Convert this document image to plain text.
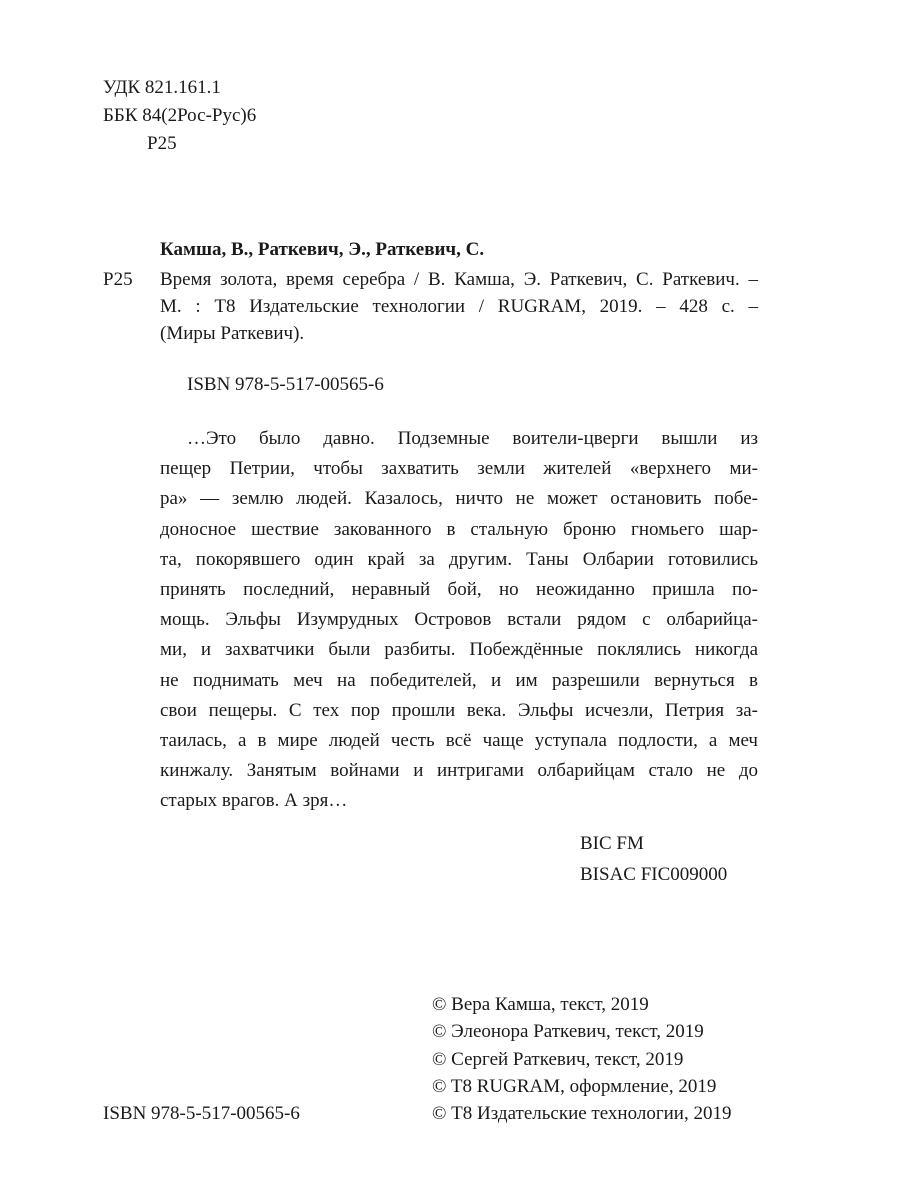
УДК 821.161.1
ББК 84(2Рос-Рус)6
Р25
Камша, В., Раткевич, Э., Раткевич, С.
Р25 Время золота, время серебра / В. Камша, Э. Раткевич, С. Раткевич. –
М. : Т8 Издательские технологии / RUGRAM, 2019. – 428 с. –
(Миры Раткевич).
ISBN 978-5-517-00565-6
…Это было давно. Подземные воители-цверги вышли из
пещер Петрии, чтобы захватить земли жителей «верхнего ми-
ра» — землю людей. Казалось, ничто не может остановить побе-
доносное шествие закованного в стальную броню гномьего шар-
та, покорявшего один край за другим. Таны Олбарии готовились
принять последний, неравный бой, но неожиданно пришла по-
мощь. Эльфы Изумрудных Островов встали рядом с олбарийца-
ми, и захватчики были разбиты. Побеждённые поклялись никогда
не поднимать меч на победителей, и им разрешили вернуться в
свои пещеры. С тех пор прошли века. Эльфы исчезли, Петрия за-
таилась, а в мире людей честь всё чаще уступала подлости, а меч
кинжалу. Занятым войнами и интригами олбарийцам стало не до
старых врагов. А зря…
BIC FM
BISAC FIC009000
© Вера Камша, текст, 2019
© Элеонора Раткевич, текст, 2019
© Сергей Раткевич, текст, 2019
© T8 RUGRAM, оформление, 2019
© Т8 Издательские технологии, 2019
ISBN 978-5-517-00565-6
